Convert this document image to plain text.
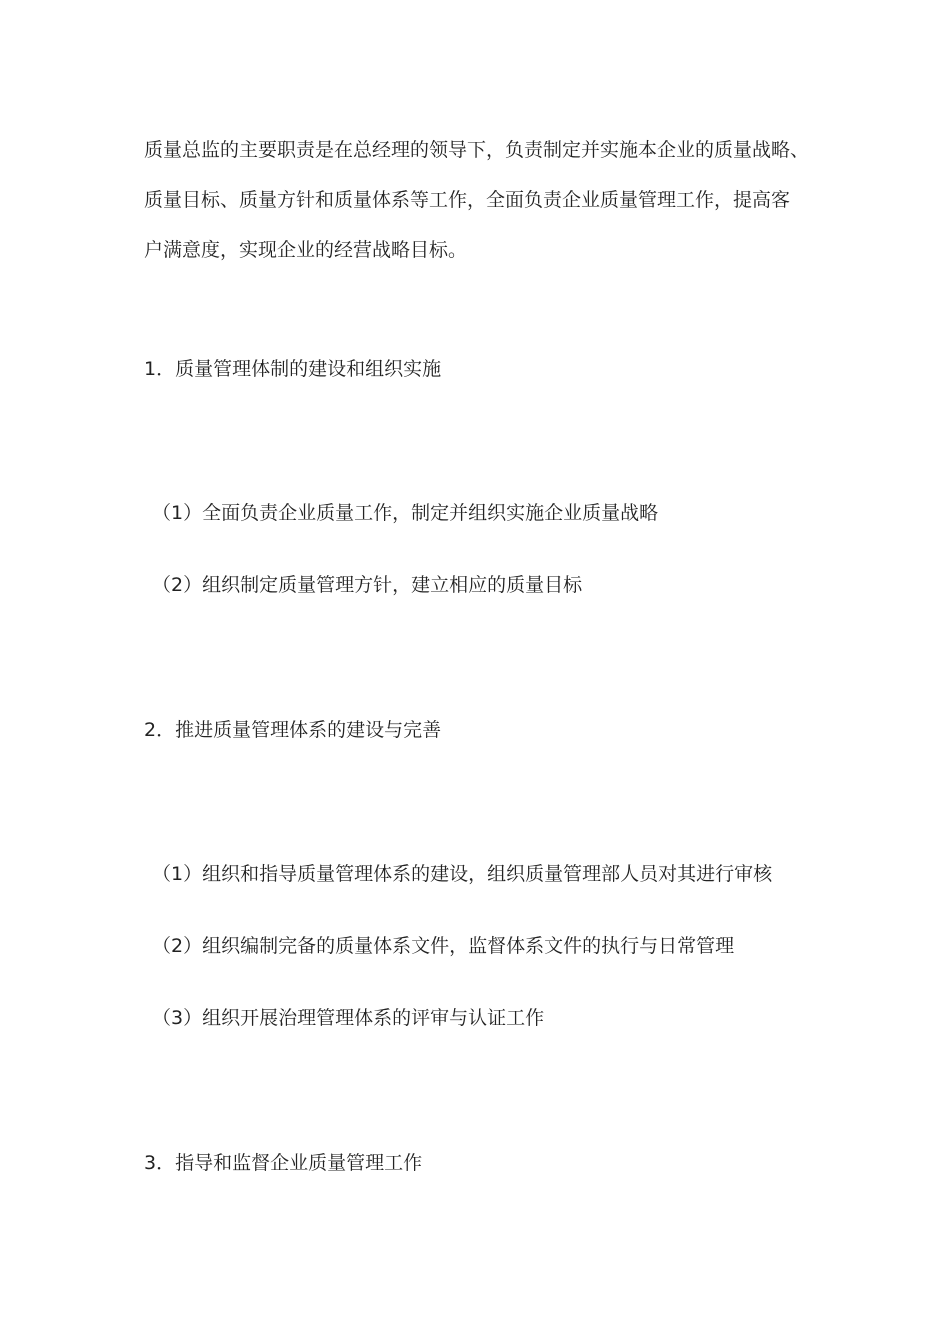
质量总监的主要职责是在总经理的领导下，负责制定并实施本企业的质量战略、
质量目标、质量方针和质量体系等工作，全面负责企业质量管理工作，提高客
户满意度，实现企业的经营战略目标。
1．质量管理体制的建设和组织实施
（1）全面负责企业质量工作，制定并组织实施企业质量战略
（2）组织制定质量管理方针，建立相应的质量目标
2．推进质量管理体系的建设与完善
（1）组织和指导质量管理体系的建设，组织质量管理部人员对其进行审核
（2）组织编制完备的质量体系文件，监督体系文件的执行与日常管理
（3）组织开展治理管理体系的评审与认证工作
3．指导和监督企业质量管理工作
